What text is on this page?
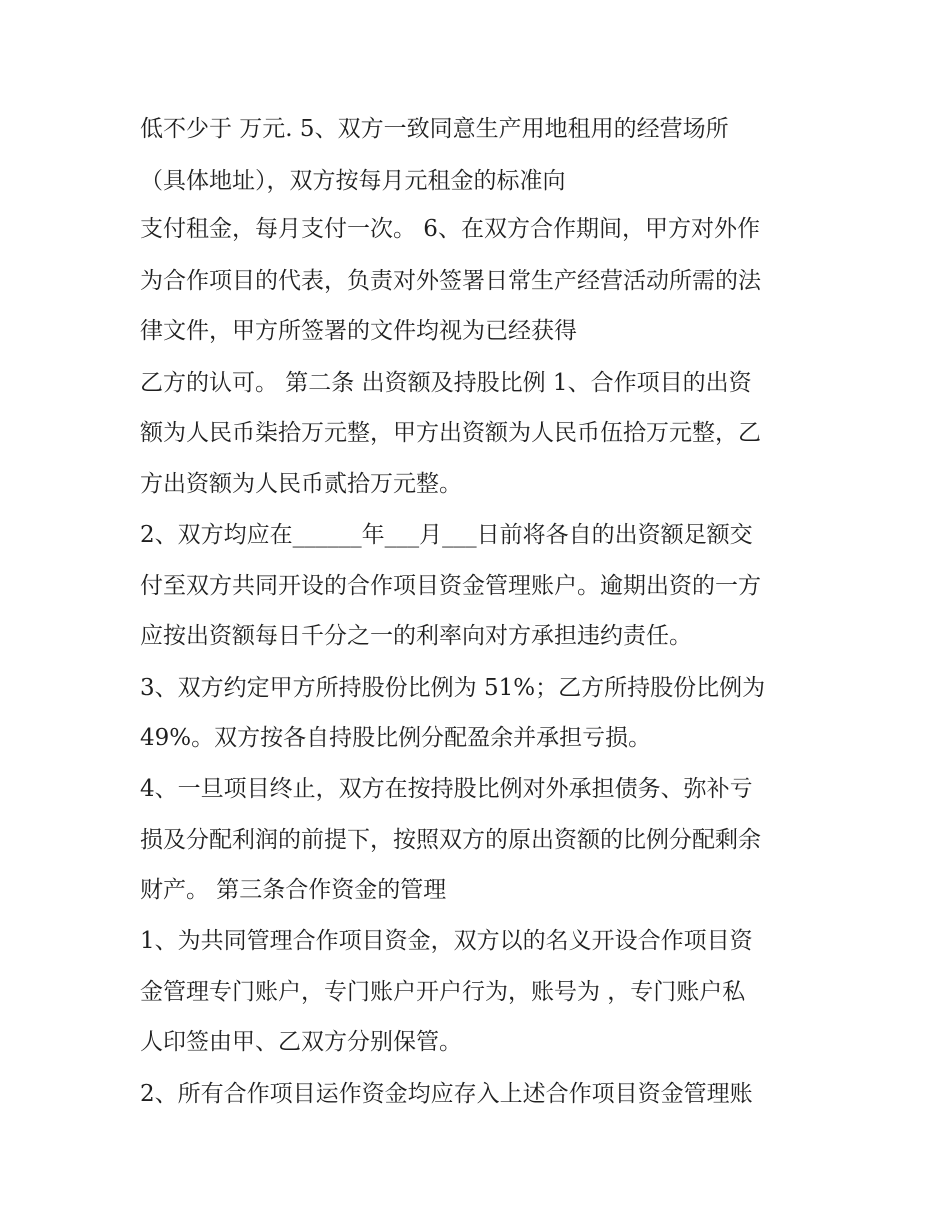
低不少于 万元. 5、双方一致同意生产用地租用的经营场所
（具体地址），双方按每月元租金的标准向
支付租金，每月支付一次。 6、在双方合作期间，甲方对外作
为合作项目的代表，负责对外签署日常生产经营活动所需的法
律文件，甲方所签署的文件均视为已经获得
乙方的认可。 第二条 出资额及持股比例 1、合作项目的出资
额为人民币柒拾万元整，甲方出资额为人民币伍拾万元整，乙
方出资额为人民币贰拾万元整。
2、双方均应在______年___月___日前将各自的出资额足额交
付至双方共同开设的合作项目资金管理账户。逾期出资的一方
应按出资额每日千分之一的利率向对方承担违约责任。
3、双方约定甲方所持股份比例为 51%；乙方所持股份比例为
49%。双方按各自持股比例分配盈余并承担亏损。
4、一旦项目终止，双方在按持股比例对外承担债务、弥补亏
损及分配利润的前提下，按照双方的原出资额的比例分配剩余
财产。 第三条合作资金的管理
1、为共同管理合作项目资金，双方以的名义开设合作项目资
金管理专门账户，专门账户开户行为，账号为 ，专门账户私
人印签由甲、乙双方分别保管。
2、所有合作项目运作资金均应存入上述合作项目资金管理账
